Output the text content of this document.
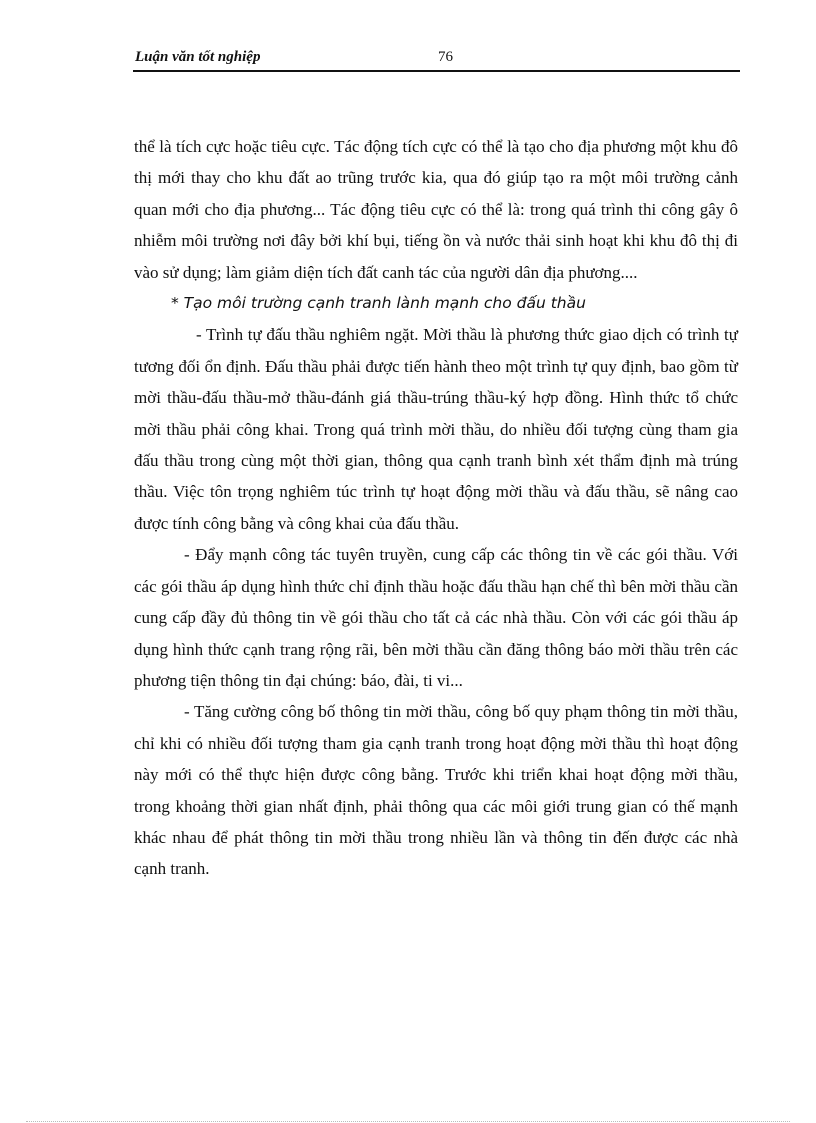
Luận văn tốt nghiệp	76

thể là tích cực hoặc tiêu cực. Tác động tích cực có thể là tạo cho địa phương một khu đô thị mới thay cho khu đất ao trũng trước kia, qua đó giúp tạo ra một môi trường cảnh quan mới cho địa phương... Tác động tiêu cực có thể là: trong quá trình thi công gây ô nhiễm môi trường nơi đây bởi khí bụi, tiếng ồn và nước thải sinh hoạt khi khu đô thị đi vào sử dụng; làm giảm diện tích đất canh tác của người dân địa phương....

* Tạo môi trường cạnh tranh lành mạnh cho đấu thầu

- Trình tự đấu thầu nghiêm ngặt. Mời thầu là phương thức giao dịch có trình tự tương đối ổn định. Đấu thầu phải được tiến hành theo một trình tự quy định, bao gồm từ mời thầu-đấu thầu-mở thầu-đánh giá thầu-trúng thầu-ký hợp đồng. Hình thức tổ chức mời thầu phải công khai. Trong quá trình mời thầu, do nhiều đối tượng cùng tham gia đấu thầu trong cùng một thời gian, thông qua cạnh tranh bình xét thẩm định mà trúng thầu. Việc tôn trọng nghiêm túc trình tự hoạt động mời thầu và đấu thầu, sẽ nâng cao được tính công bằng và công khai của đấu thầu.

- Đẩy mạnh công tác tuyên truyền, cung cấp các thông tin về các gói thầu. Với các gói thầu áp dụng hình thức chỉ định thầu hoặc đấu thầu hạn chế thì bên mời thầu cần cung cấp đầy đủ thông tin về gói thầu cho tất cả các nhà thầu. Còn với các gói thầu áp dụng hình thức cạnh trang rộng rãi, bên mời thầu cần đăng thông báo mời thầu trên các phương tiện thông tin đại chúng: báo, đài, ti vi...

- Tăng cường công bố thông tin mời thầu, công bố quy phạm thông tin mời thầu, chỉ khi có nhiều đối tượng tham gia cạnh tranh trong hoạt động mời thầu thì hoạt động này mới có thể thực hiện được công bằng. Trước khi triển khai hoạt động mời thầu, trong khoảng thời gian nhất định, phải thông qua các môi giới trung gian có thế mạnh khác nhau để phát thông tin mời thầu trong nhiều lần và thông tin đến được các nhà cạnh tranh.
